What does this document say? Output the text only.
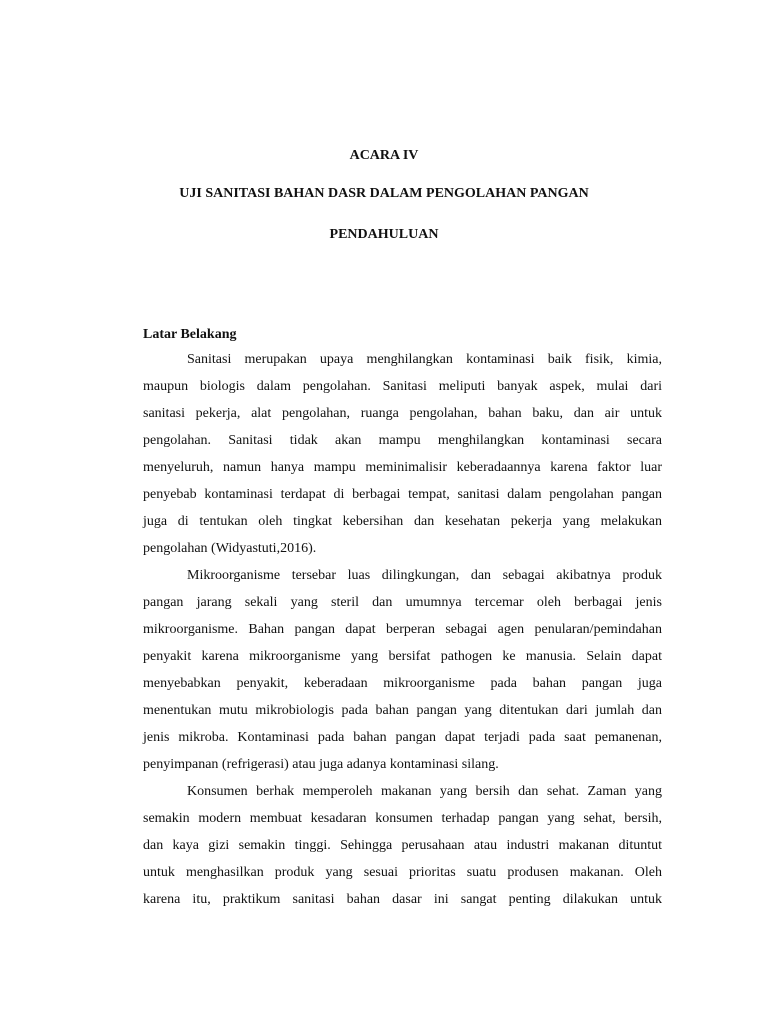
ACARA IV

UJI SANITASI BAHAN DASR DALAM PENGOLAHAN PANGAN

PENDAHULUAN

Latar Belakang

Sanitasi merupakan upaya menghilangkan kontaminasi baik fisik, kimia,
maupun biologis dalam pengolahan. Sanitasi meliputi banyak aspek, mulai dari
sanitasi pekerja, alat pengolahan, ruanga pengolahan, bahan baku, dan air untuk
pengolahan. Sanitasi tidak akan mampu menghilangkan kontaminasi secara
menyeluruh, namun hanya mampu meminimalisir keberadaannya karena faktor luar
penyebab kontaminasi terdapat di berbagai tempat, sanitasi dalam pengolahan pangan
juga di tentukan oleh tingkat kebersihan dan kesehatan pekerja yang melakukan
pengolahan (Widyastuti,2016).

Mikroorganisme tersebar luas dilingkungan, dan sebagai akibatnya produk
pangan jarang sekali yang steril dan umumnya tercemar oleh berbagai jenis
mikroorganisme. Bahan pangan dapat berperan sebagai agen penularan/pemindahan
penyakit karena mikroorganisme yang bersifat pathogen ke manusia. Selain dapat
menyebabkan penyakit, keberadaan mikroorganisme pada bahan pangan juga
menentukan mutu mikrobiologis pada bahan pangan yang ditentukan dari jumlah dan
jenis mikroba. Kontaminasi pada bahan pangan dapat terjadi pada saat pemanenan,
penyimpanan (refrigerasi) atau juga adanya kontaminasi silang.

Konsumen berhak memperoleh makanan yang bersih dan sehat. Zaman yang
semakin modern membuat kesadaran konsumen terhadap pangan yang sehat, bersih,
dan kaya gizi semakin tinggi. Sehingga perusahaan atau industri makanan dituntut
untuk menghasilkan produk yang sesuai prioritas suatu produsen makanan. Oleh
karena itu, praktikum sanitasi bahan dasar ini sangat penting dilakukan untuk
